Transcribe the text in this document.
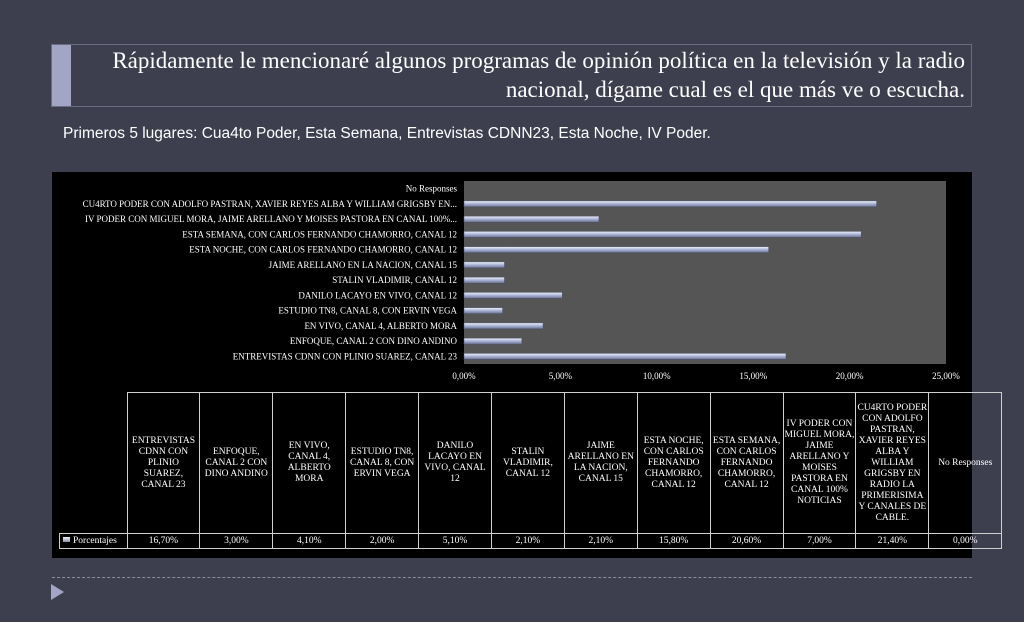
Rápidamente le mencionaré algunos programas de opinión política en la televisión y la radio nacional, dígame cual es el que más ve o escucha.
Primeros 5 lugares: Cua4to Poder, Esta Semana, Entrevistas CDNN23, Esta Noche, IV Poder.
No Responses
CU4RTO PODER CON ADOLFO PASTRAN, XAVIER REYES ALBA Y WILLIAM GRIGSBY EN...
IV PODER CON MIGUEL MORA, JAIME ARELLANO Y MOISES PASTORA EN CANAL 100%...
ESTA SEMANA, CON CARLOS FERNANDO CHAMORRO, CANAL 12
ESTA NOCHE, CON CARLOS FERNANDO CHAMORRO, CANAL 12
JAIME ARELLANO EN LA NACION, CANAL 15
STALIN VLADIMIR, CANAL 12
DANILO LACAYO EN VIVO, CANAL 12
ESTUDIO TN8, CANAL 8, CON ERVIN VEGA
EN VIVO, CANAL 4, ALBERTO MORA
ENFOQUE, CANAL 2 CON DINO ANDINO
ENTREVISTAS CDNN CON PLINIO SUAREZ, CANAL 23
0,00%	5,00%	10,00%	15,00%	20,00%	25,00%
	ENTREVISTAS CDNN CON PLINIO SUAREZ, CANAL 23	ENFOQUE, CANAL 2 CON DINO ANDINO	EN VIVO, CANAL 4, ALBERTO MORA	ESTUDIO TN8, CANAL 8, CON ERVIN VEGA	DANILO LACAYO EN VIVO, CANAL 12	STALIN VLADIMIR, CANAL 12	JAIME ARELLANO EN LA NACION, CANAL 15	ESTA NOCHE, CON CARLOS FERNANDO CHAMORRO, CANAL 12	ESTA SEMANA, CON CARLOS FERNANDO CHAMORRO, CANAL 12	IV PODER CON MIGUEL MORA, JAIME ARELLANO Y MOISES PASTORA EN CANAL 100% NOTICIAS	CU4RTO PODER CON ADOLFO PASTRAN, XAVIER REYES ALBA Y WILLIAM GRIGSBY EN RADIO LA PRIMERISIMA Y CANALES DE CABLE.	No Responses
Porcentajes	16,70%	3,00%	4,10%	2,00%	5,10%	2,10%	2,10%	15,80%	20,60%	7,00%	21,40%	0,00%
